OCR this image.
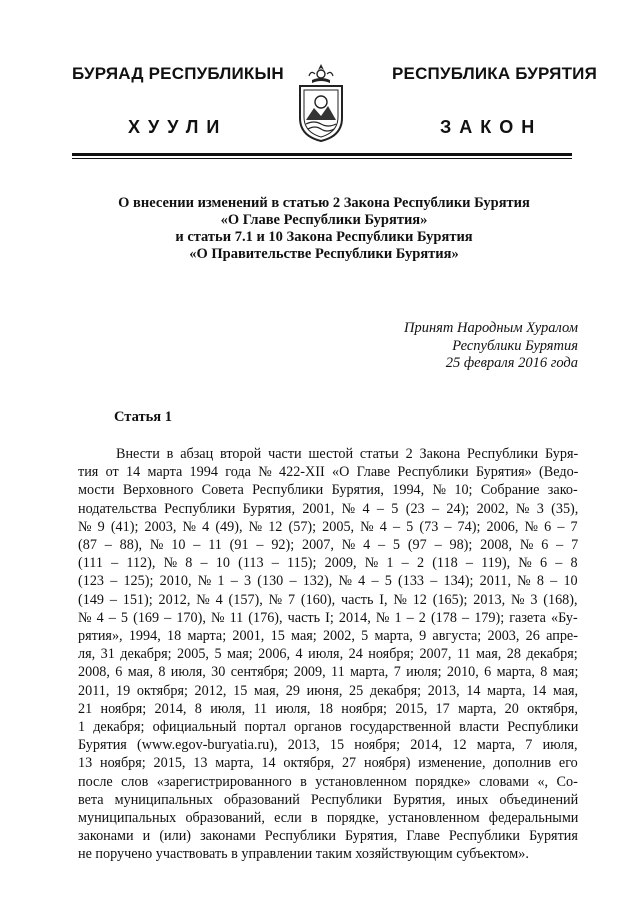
БУРЯАД РЕСПУБЛИКЫН	РЕСПУБЛИКА БУРЯТИЯ
ХУУЛИ	ЗАКОН
О внесении изменений в статью 2 Закона Республики Бурятия
«О Главе Республики Бурятия»
и статьи 7.1 и 10 Закона Республики Бурятия
«О Правительстве Республики Бурятия»
Принят Народным Хуралом
Республики Бурятия
25 февраля 2016 года
Статья 1
Внести в абзац второй части шестой статьи 2 Закона Республики Буря-
тия от 14 марта 1994 года № 422-XII «О Главе Республики Бурятия» (Ведо-
мости Верховного Совета Республики Бурятия, 1994, № 10; Собрание зако-
нодательства Республики Бурятия, 2001, № 4 – 5 (23 – 24); 2002, № 3 (35),
№ 9 (41); 2003, № 4 (49), № 12 (57); 2005, № 4 – 5 (73 – 74); 2006, № 6 – 7
(87 – 88), № 10 – 11 (91 – 92); 2007, № 4 – 5 (97 – 98); 2008, № 6 – 7
(111 – 112), № 8 – 10 (113 – 115); 2009, № 1 – 2 (118 – 119), № 6 – 8
(123 – 125); 2010, № 1 – 3 (130 – 132), № 4 – 5 (133 – 134); 2011, № 8 – 10
(149 – 151); 2012, № 4 (157), № 7 (160), часть I, № 12 (165); 2013, № 3 (168),
№ 4 – 5 (169 – 170), № 11 (176), часть I; 2014, № 1 – 2 (178 – 179); газета «Бу-
рятия», 1994, 18 марта; 2001, 15 мая; 2002, 5 марта, 9 августа; 2003, 26 апре-
ля, 31 декабря; 2005, 5 мая; 2006, 4 июля, 24 ноября; 2007, 11 мая, 28 декабря;
2008, 6 мая, 8 июля, 30 сентября; 2009, 11 марта, 7 июля; 2010, 6 марта, 8 мая;
2011, 19 октября; 2012, 15 мая, 29 июня, 25 декабря; 2013, 14 марта, 14 мая,
21 ноября; 2014, 8 июля, 11 июля, 18 ноября; 2015, 17 марта, 20 октября,
1 декабря; официальный портал органов государственной власти Республики
Бурятия (www.egov-buryatia.ru), 2013, 15 ноября; 2014, 12 марта, 7 июля,
13 ноября; 2015, 13 марта, 14 октября, 27 ноября) изменение, дополнив его
после слов «зарегистрированного в установленном порядке» словами «, Со-
вета муниципальных образований Республики Бурятия, иных объединений
муниципальных образований, если в порядке, установленном федеральными
законами и (или) законами Республики Бурятия, Главе Республики Бурятия
не поручено участвовать в управлении таким хозяйствующим субъектом».
